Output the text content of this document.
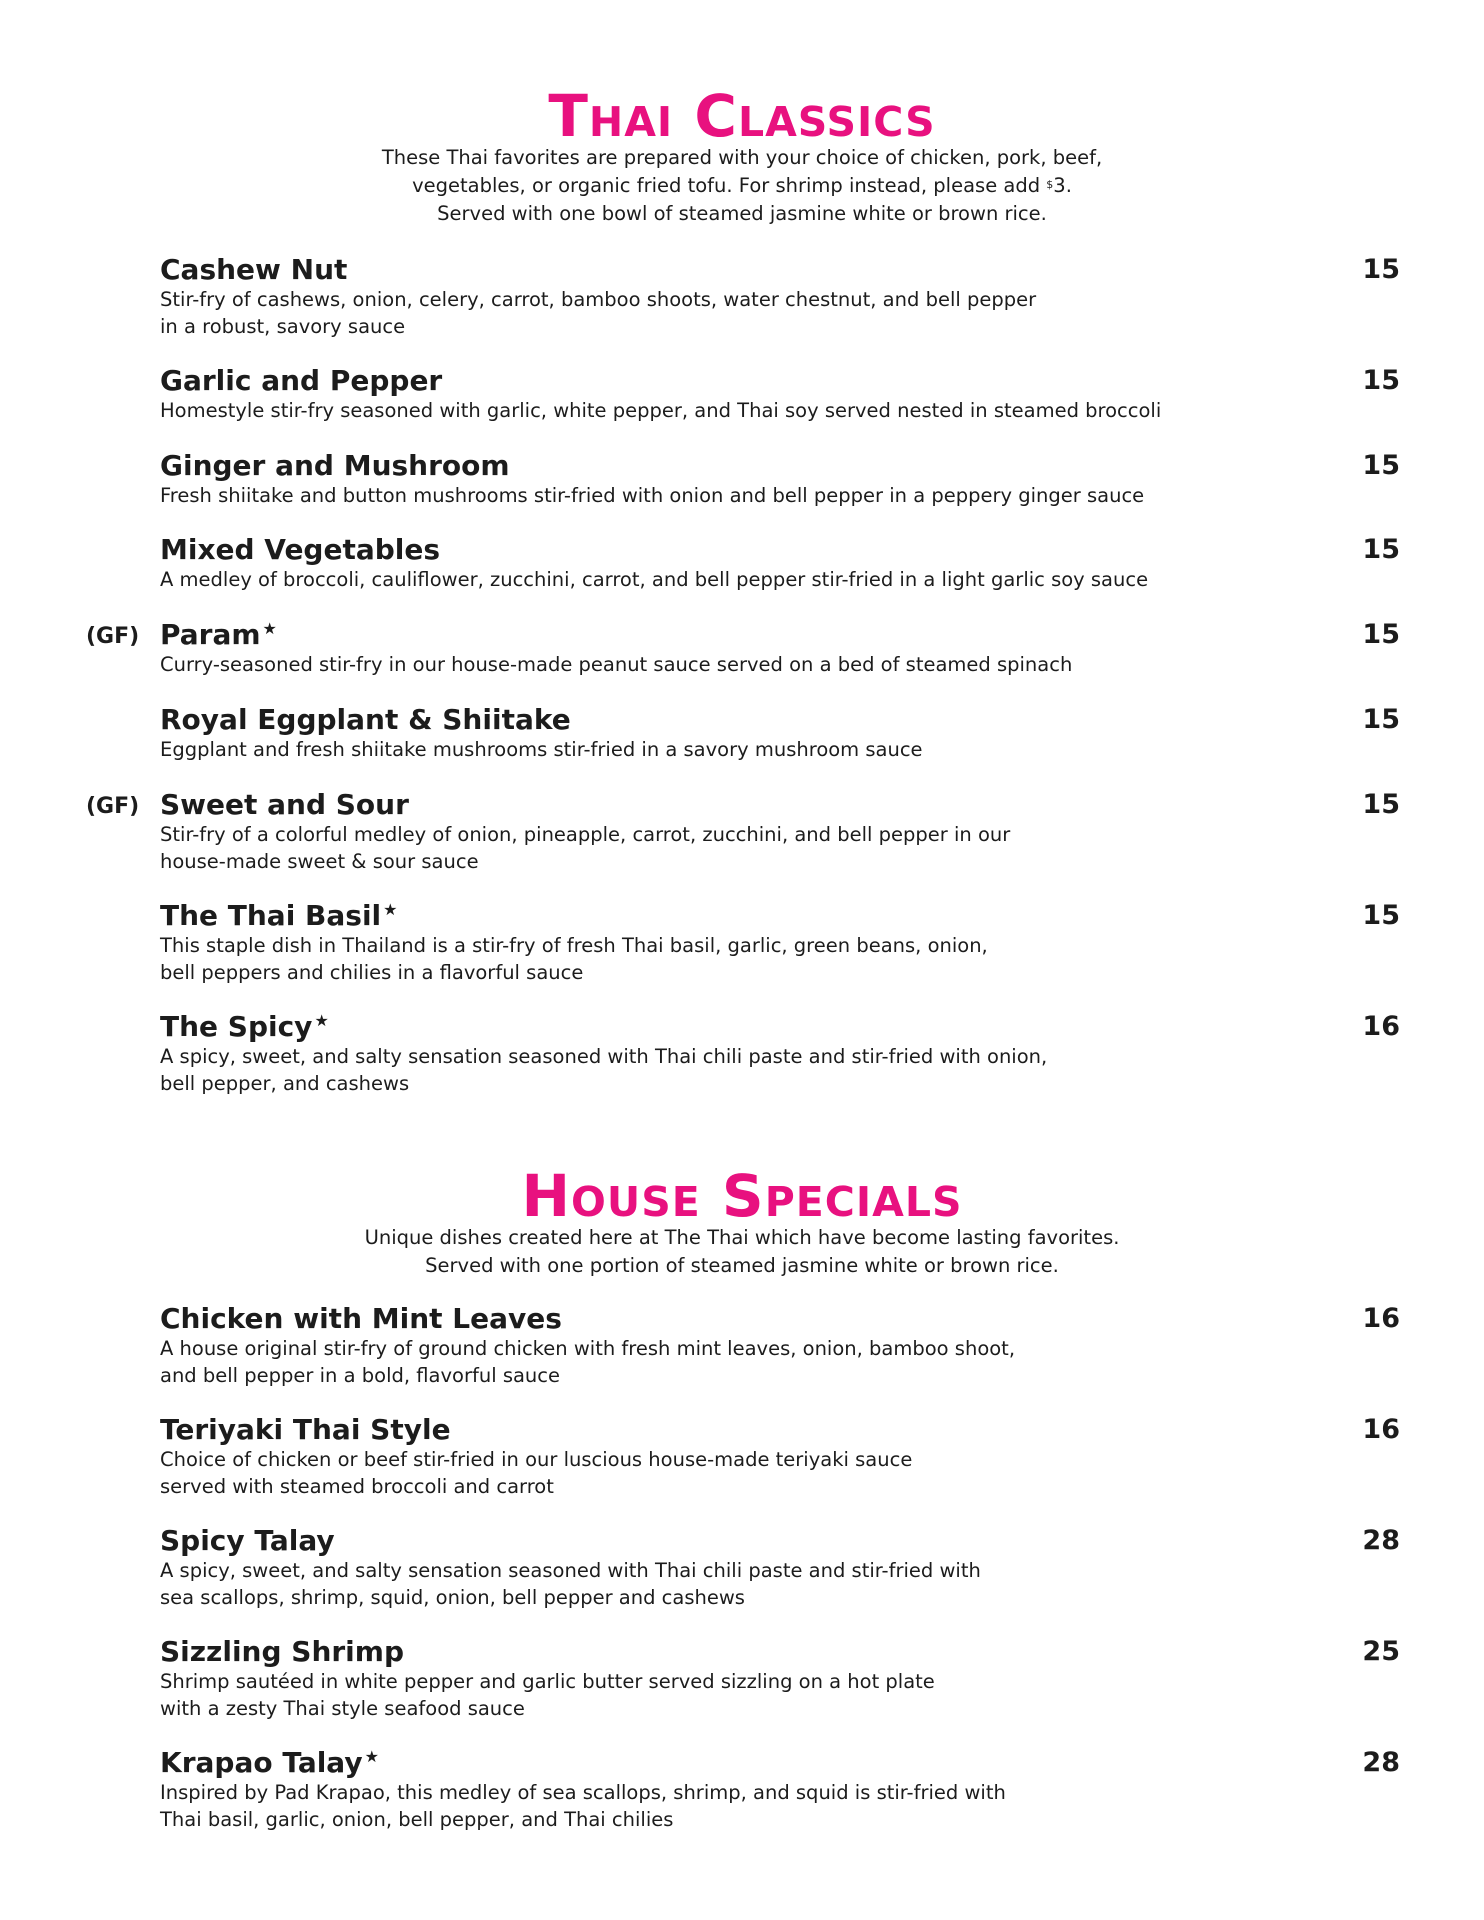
Thai Classics

These Thai favorites are prepared with your choice of chicken, pork, beef,
vegetables, or organic fried tofu. For shrimp instead, please add $3.
Served with one bowl of steamed jasmine white or brown rice.

Cashew Nut	15

Stir-fry of cashews, onion, celery, carrot, bamboo shoots, water chestnut, and bell pepper
in a robust, savory sauce

Garlic and Pepper	15

Homestyle stir-fry seasoned with garlic, white pepper, and Thai soy served nested in steamed broccoli

Ginger and Mushroom	15

Fresh shiitake and button mushrooms stir-fried with onion and bell pepper in a peppery ginger sauce

Mixed Vegetables	15

A medley of broccoli, cauliflower, zucchini, carrot, and bell pepper stir-fried in a light garlic soy sauce

(GF) Param ★	15

Curry-seasoned stir-fry in our house-made peanut sauce served on a bed of steamed spinach

Royal Eggplant & Shiitake	15

Eggplant and fresh shiitake mushrooms stir-fried in a savory mushroom sauce

(GF) Sweet and Sour	15

Stir-fry of a colorful medley of onion, pineapple, carrot, zucchini, and bell pepper in our
house-made sweet & sour sauce

The Thai Basil ★	15

This staple dish in Thailand is a stir-fry of fresh Thai basil, garlic, green beans, onion,
bell peppers and chilies in a flavorful sauce

The Spicy ★	16

A spicy, sweet, and salty sensation seasoned with Thai chili paste and stir-fried with onion,
bell pepper, and cashews

House Specials

Unique dishes created here at The Thai which have become lasting favorites.
Served with one portion of steamed jasmine white or brown rice.

Chicken with Mint Leaves	16

A house original stir-fry of ground chicken with fresh mint leaves, onion, bamboo shoot,
and bell pepper in a bold, flavorful sauce

Teriyaki Thai Style	16

Choice of chicken or beef stir-fried in our luscious house-made teriyaki sauce
served with steamed broccoli and carrot

Spicy Talay	28

A spicy, sweet, and salty sensation seasoned with Thai chili paste and stir-fried with
sea scallops, shrimp, squid, onion, bell pepper and cashews

Sizzling Shrimp	25

Shrimp sautéed in white pepper and garlic butter served sizzling on a hot plate
with a zesty Thai style seafood sauce

Krapao Talay ★	28

Inspired by Pad Krapao, this medley of sea scallops, shrimp, and squid is stir-fried with
Thai basil, garlic, onion, bell pepper, and Thai chilies
